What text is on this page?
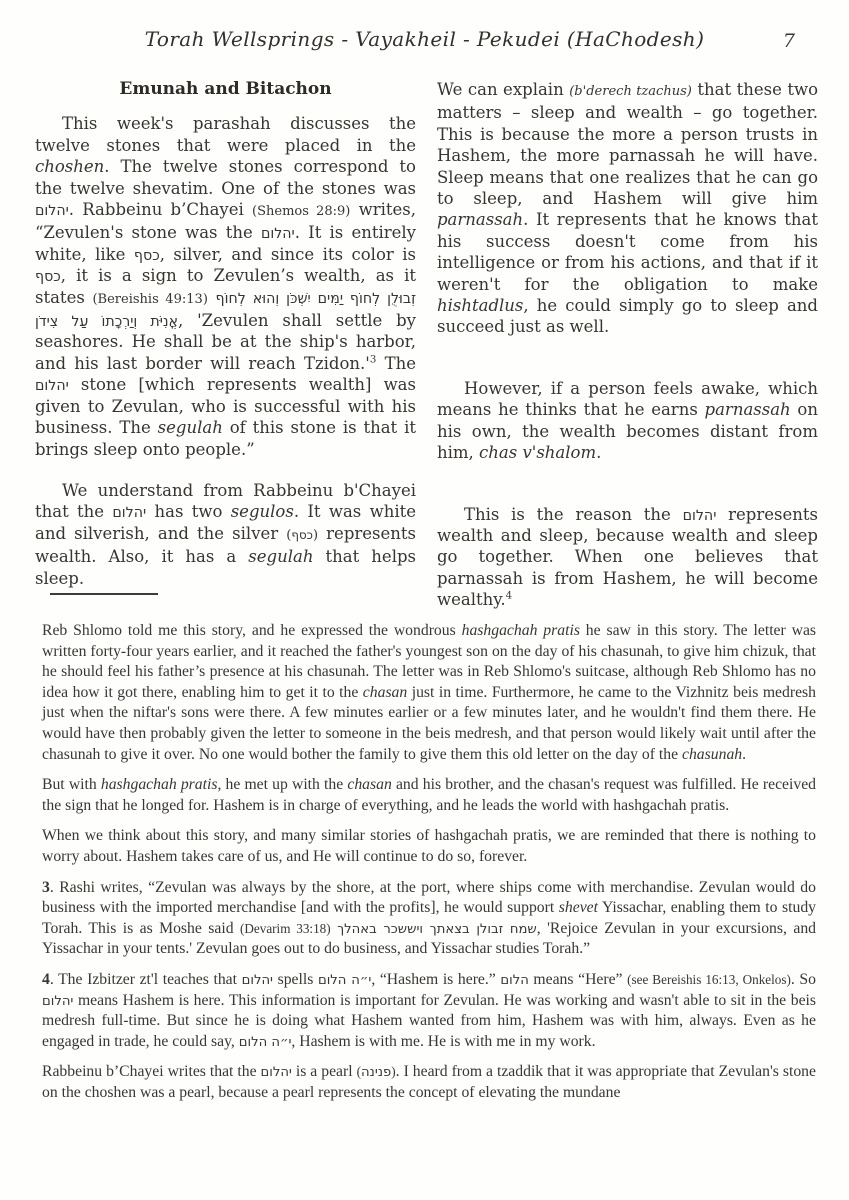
Torah Wellsprings - Vayakheil - Pekudei (HaChodesh)	7
Emunah and Bitachon

This week's parashah discusses the twelve stones that were placed in the choshen. The twelve stones correspond to the twelve shevatim. One of the stones was יהלום. Rabbeinu b’Chayei (Shemos 28:9) writes, “Zevulen's stone was the יהלום. It is entirely white, like כסף, silver, and since its color is כסף, it is a sign to Zevulen’s wealth, as it states (Bereishis 49:13) זְבוּלֻן לְחוֹף יַמִּים יִשְׁכֹּן וְהוּא לְחוֹף אֳנִיֹּת וְיַרְכָתוֹ עַל צִידֹן, 'Zevulen shall settle by seashores. He shall be at the ship's harbor, and his last border will reach $Tzidon.'^3$ The יהלום stone [which represents wealth] was given to Zevulan, who is successful with his business. The segulah of this stone is that it brings sleep onto people.”

We understand from Rabbeinu b'Chayei that the יהלום has two segulos. It was white and silverish, and the silver (כסף) represents wealth. Also, it has a segulah that helps sleep.

We can explain (b'derech tzachus) that these two matters – sleep and wealth – go together. This is because the more a person trusts in Hashem, the more parnassah he will have. Sleep means that one realizes that he can go to sleep, and Hashem will give him parnassah. It represents that he knows that his success doesn't come from his intelligence or from his actions, and that if it weren't for the obligation to make hishtadlus, he could simply go to sleep and succeed just as well.

However, if a person feels awake, which means he thinks that he earns parnassah on his own, the wealth becomes distant from him, chas v'shalom.

This is the reason the יהלום represents wealth and sleep, because wealth and sleep go together. When one believes that parnassah is from Hashem, he will become wealthy.$^4$

Reb Shlomo told me this story, and he expressed the wondrous hashgachah pratis he saw in this story. The letter was written forty-four years earlier, and it reached the father's youngest son on the day of his chasunah, to give him chizuk, that he should feel his father’s presence at his chasunah. The letter was in Reb Shlomo's suitcase, although Reb Shlomo has no idea how it got there, enabling him to get it to the chasan just in time. Furthermore, he came to the Vizhnitz beis medresh just when the niftar's sons were there. A few minutes earlier or a few minutes later, and he wouldn't find them there. He would have then probably given the letter to someone in the beis medresh, and that person would likely wait until after the chasunah to give it over. No one would bother the family to give them this old letter on the day of the chasunah.

But with hashgachah pratis, he met up with the chasan and his brother, and the chasan's request was fulfilled. He received the sign that he longed for. Hashem is in charge of everything, and he leads the world with hashgachah pratis.

When we think about this story, and many similar stories of hashgachah pratis, we are reminded that there is nothing to worry about. Hashem takes care of us, and He will continue to do so, forever.

3. Rashi writes, “Zevulan was always by the shore, at the port, where ships come with merchandise. Zevulan would do business with the imported merchandise [and with the profits], he would support shevet Yissachar, enabling them to study Torah. This is as Moshe said (Devarim 33:18) שמח זבולן בצאתך ויששכר באהלך, 'Rejoice Zevulan in your excursions, and Yissachar in your tents.' Zevulan goes out to do business, and Yissachar studies Torah.”

4. The Izbitzer zt'l teaches that יהלום spells י״ה הלום, “Hashem is here.” הלום means “Here” (see Bereishis 16:13, Onkelos). So יהלום means Hashem is here. This information is important for Zevulan. He was working and wasn't able to sit in the beis medresh full-time. But since he is doing what Hashem wanted from him, Hashem was with him, always. Even as he engaged in trade, he could say, י״ה הלום, Hashem is with me. He is with me in my work.

Rabbeinu b’Chayei writes that the יהלום is a pearl (פנינה). I heard from a tzaddik that it was appropriate that Zevulan's stone on the choshen was a pearl, because a pearl represents the concept of elevating the mundane
